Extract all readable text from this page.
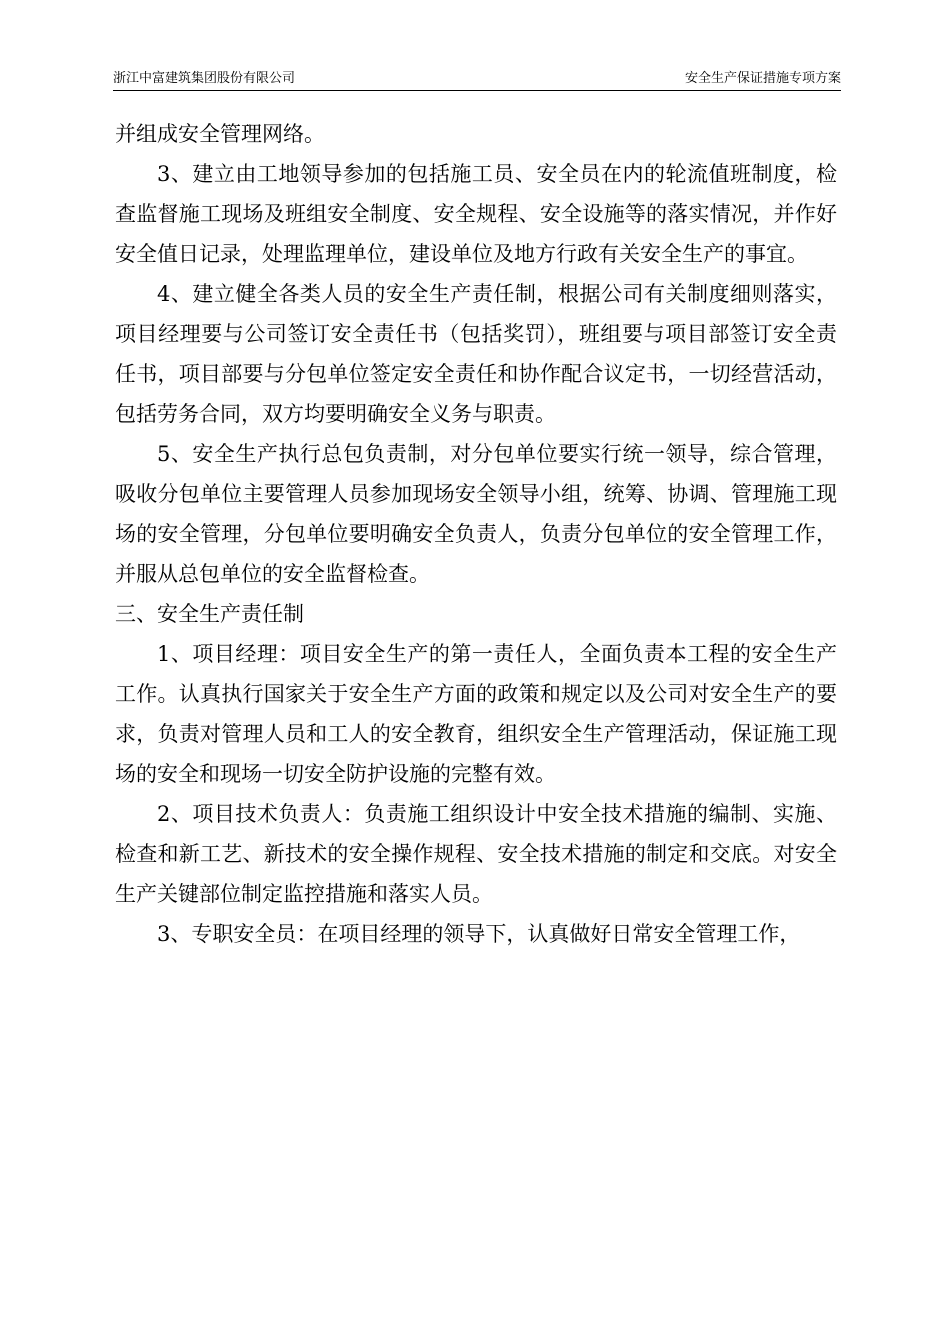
浙江中富建筑集团股份有限公司	安全生产保证措施专项方案

并组成安全管理网络。

3、建立由工地领导参加的包括施工员、安全员在内的轮流值班制度，检查监督施工现场及班组安全制度、安全规程、安全设施等的落实情况，并作好安全值日记录，处理监理单位，建设单位及地方行政有关安全生产的事宜。

4、建立健全各类人员的安全生产责任制，根据公司有关制度细则落实，项目经理要与公司签订安全责任书（包括奖罚），班组要与项目部签订安全责任书，项目部要与分包单位签定安全责任和协作配合议定书，一切经营活动，包括劳务合同，双方均要明确安全义务与职责。

5、安全生产执行总包负责制，对分包单位要实行统一领导，综合管理，吸收分包单位主要管理人员参加现场安全领导小组，统筹、协调、管理施工现场的安全管理，分包单位要明确安全负责人，负责分包单位的安全管理工作，并服从总包单位的安全监督检查。

三、安全生产责任制

1、项目经理：项目安全生产的第一责任人，全面负责本工程的安全生产工作。认真执行国家关于安全生产方面的政策和规定以及公司对安全生产的要求，负责对管理人员和工人的安全教育，组织安全生产管理活动，保证施工现场的安全和现场一切安全防护设施的完整有效。

2、项目技术负责人：负责施工组织设计中安全技术措施的编制、实施、检查和新工艺、新技术的安全操作规程、安全技术措施的制定和交底。对安全生产关键部位制定监控措施和落实人员。

3、专职安全员：在项目经理的领导下，认真做好日常安全管理工作，
